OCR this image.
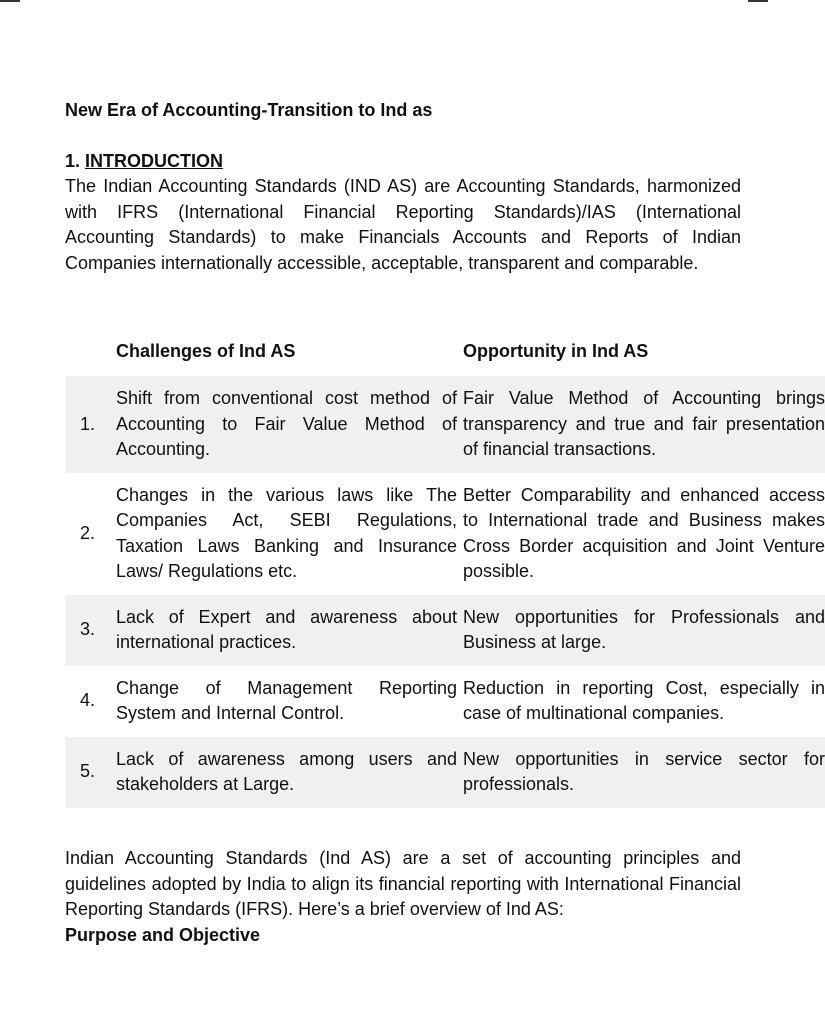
New Era of Accounting-Transition to Ind as

1. INTRODUCTION

The Indian Accounting Standards (IND AS) are Accounting Standards, harmonized with IFRS (International Financial Reporting Standards)/IAS (International Accounting Standards) to make Financials Accounts and Reports of Indian Companies internationally accessible, acceptable, transparent and comparable.

	Challenges of Ind AS	Opportunity in Ind AS
1.	Shift from conventional cost method of Accounting to Fair Value Method of Accounting.	Fair Value Method of Accounting brings transparency and true and fair presentation of financial transactions.
2.	Changes in the various laws like The Companies Act, SEBI Regulations, Taxation Laws Banking and Insurance Laws/ Regulations etc.	Better Comparability and enhanced access to International trade and Business makes Cross Border acquisition and Joint Venture possible.
3.	Lack of Expert and awareness about international practices.	New opportunities for Professionals and Business at large.
4.	Change of Management Reporting System and Internal Control.	Reduction in reporting Cost, especially in case of multinational companies.
5.	Lack of awareness among users and stakeholders at Large.	New opportunities in service sector for professionals.

Indian Accounting Standards (Ind AS) are a set of accounting principles and guidelines adopted by India to align its financial reporting with International Financial Reporting Standards (IFRS). Here’s a brief overview of Ind AS:

Purpose and Objective
